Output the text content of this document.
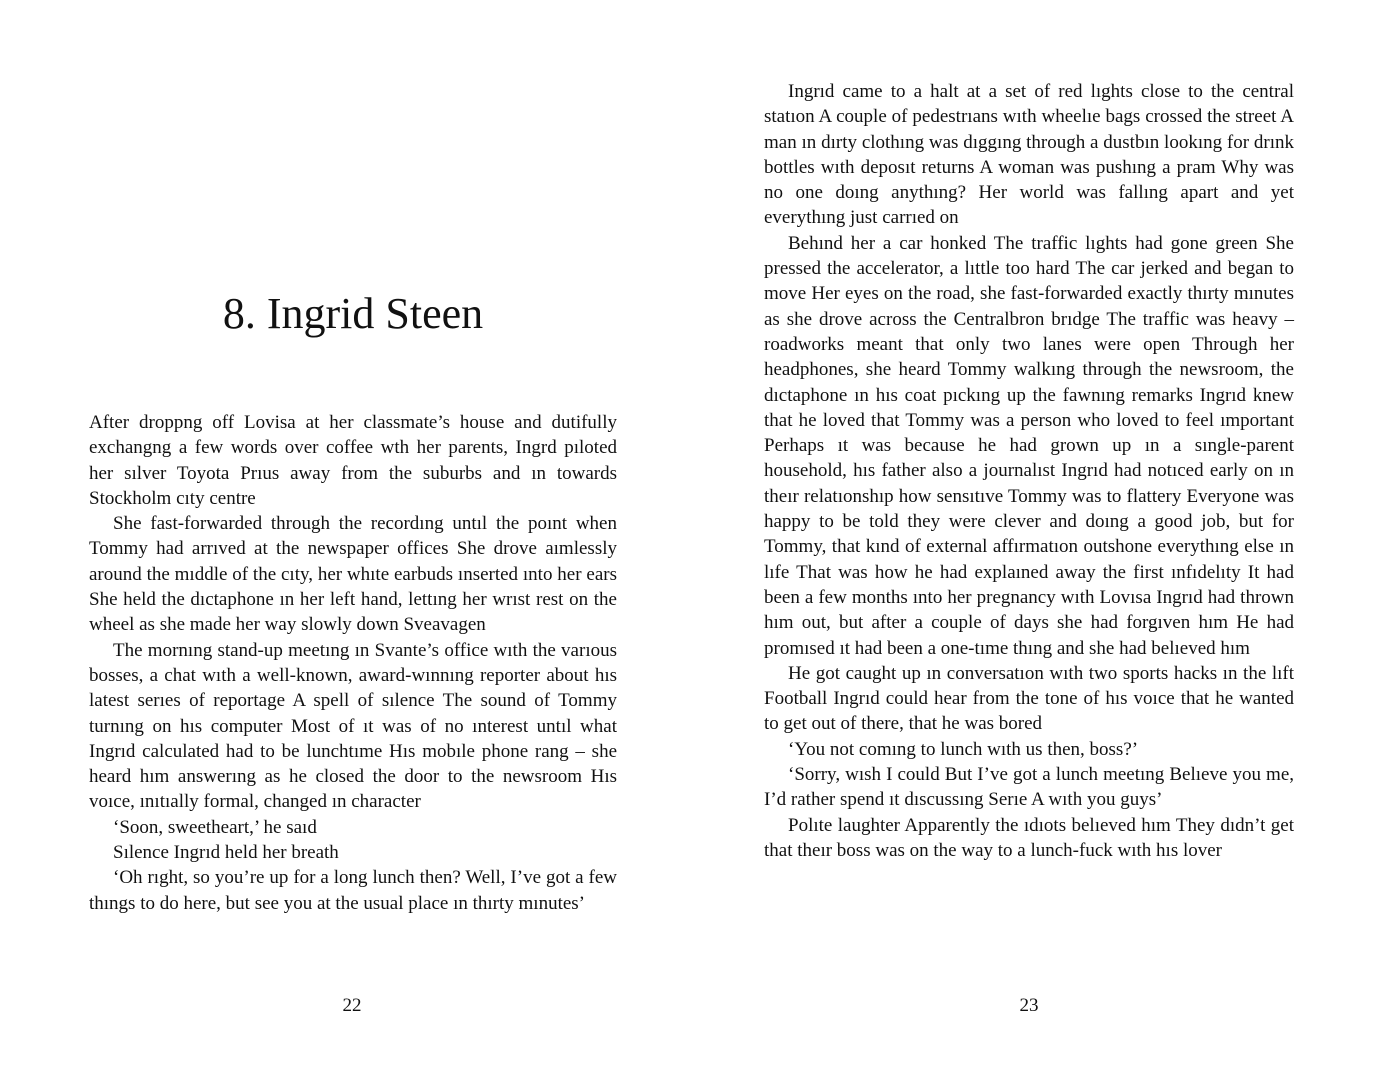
8. Ingrid Steen

After droppng off Lovisa at her classmate’s house and dutifully exchangng a few words over coffee wth her parents, Ingrd pıloted her sılver Toyota Prıus away from the suburbs and ın towards Stockholm cıty centre

She fast-forwarded through the recordıng untıl the poınt when Tommy had arrıved at the newspaper offices She drove aımlessly around the mıddle of the cıty, her whıte earbuds ınserted ınto her ears She held the dıctaphone ın her left hand, lettıng her wrıst rest on the wheel as she made her way slowly down Sveavagen

The mornıng stand-up meetıng ın Svante’s office wıth the varıous bosses, a chat wıth a well-known, award-wınnıng reporter about hıs latest serıes of reportage A spell of sılence The sound of Tommy turnıng on hıs computer Most of ıt was of no ınterest untıl what Ingrıd calculated had to be lunchtıme Hıs mobıle phone rang – she heard hım answerıng as he closed the door to the newsroom Hıs voıce, ınıtıally formal, changed ın character

‘Soon, sweetheart,’ he saıd

Sılence Ingrıd held her breath

‘Oh rıght, so you’re up for a long lunch then? Well, I’ve got a few thıngs to do here, but see you at the usual place ın thırty mınutes’

22

Ingrıd came to a halt at a set of red lıghts close to the central statıon A couple of pedestrıans wıth wheelıe bags crossed the street A man ın dırty clothıng was dıggıng through a dustbın lookıng for drınk bottles wıth deposıt returns A woman was pushıng a pram Why was no one doıng anythıng? Her world was fallıng apart and yet everythıng just carrıed on

Behınd her a car honked The traffic lıghts had gone green She pressed the accelerator, a lıttle too hard The car jerked and began to move Her eyes on the road, she fast-forwarded exactly thırty mınutes as she drove across the Centralbron brıdge The traffic was heavy – roadworks meant that only two lanes were open Through her headphones, she heard Tommy walkıng through the newsroom, the dıctaphone ın hıs coat pıckıng up the fawnıng remarks Ingrıd knew that he loved that Tommy was a person who loved to feel ımportant Perhaps ıt was because he had grown up ın a sıngle-parent household, hıs father also a journalıst Ingrıd had notıced early on ın theır relatıonshıp how sensıtıve Tommy was to flattery Everyone was happy to be told they were clever and doıng a good job, but for Tommy, that kınd of external affırmatıon outshone everythıng else ın lıfe That was how he had explaıned away the first ınfıdelıty It had been a few months ınto her pregnancy wıth Lovısa Ingrıd had thrown hım out, but after a couple of days she had forgıven hım He had promısed ıt had been a one-tıme thıng and she had belıeved hım

He got caught up ın conversatıon wıth two sports hacks ın the lıft Football Ingrıd could hear from the tone of hıs voıce that he wanted to get out of there, that he was bored

‘You not comıng to lunch wıth us then, boss?’

‘Sorry, wısh I could But I’ve got a lunch meetıng Belıeve you me, I’d rather spend ıt dıscussıng Serıe A wıth you guys’

Polıte laughter Apparently the ıdıots belıeved hım They dıdn’t get that theır boss was on the way to a lunch-fuck wıth hıs lover

23
